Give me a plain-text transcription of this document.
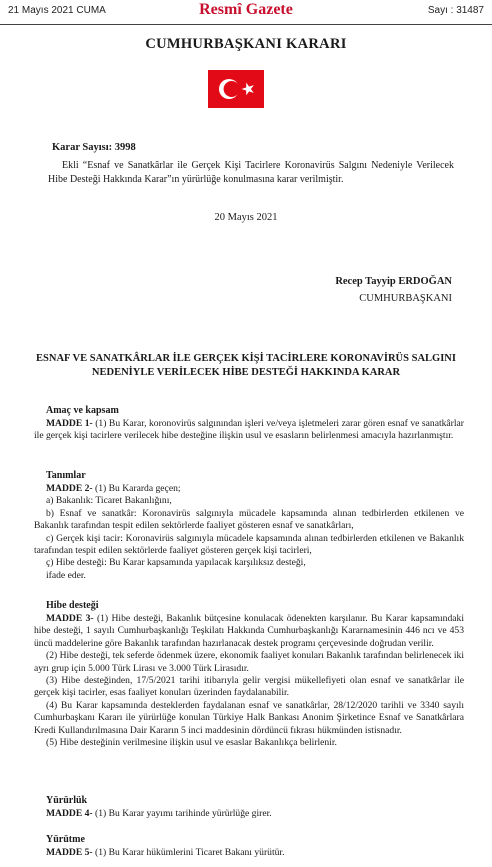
21 Mayıs 2021 CUMA	Resmî Gazete	Sayı : 31487
CUMHURBAŞKANI KARARI
Karar Sayısı: 3998
Ekli “Esnaf ve Sanatkârlar ile Gerçek Kişi Tacirlere Koronavirüs Salgını Nedeniyle Verilecek Hibe Desteği Hakkında Karar”ın yürürlüğe konulmasına karar verilmiştir.
20 Mayıs 2021
Recep Tayyip ERDOĞAN
CUMHURBAŞKANI
ESNAF VE SANATKÂRLAR İLE GERÇEK KİŞİ TACİRLERE KORONAVİRÜS SALGINI
NEDENİYLE VERİLECEK HİBE DESTEĞİ HAKKINDA KARAR
Amaç ve kapsam

MADDE 1- (1) Bu Karar, koronovirüs salgınından işleri ve/veya işletmeleri zarar gören esnaf ve sanatkârlar ile gerçek kişi tacirlere verilecek hibe desteğine ilişkin usul ve esasların belirlenmesi amacıyla hazırlanmıştır.

Tanımlar

MADDE 2- (1) Bu Kararda geçen;

a) Bakanlık: Ticaret Bakanlığını,

b) Esnaf ve sanatkâr: Koronavirüs salgınıyla mücadele kapsamında alınan tedbirlerden etkilenen ve Bakanlık tarafından tespit edilen sektörlerde faaliyet gösteren esnaf ve sanatkârları,

c) Gerçek kişi tacir: Koronavirüs salgınıyla mücadele kapsamında alınan tedbirlerden etkilenen ve Bakanlık tarafından tespit edilen sektörlerde faaliyet gösteren gerçek kişi tacirleri,

ç) Hibe desteği: Bu Karar kapsamında yapılacak karşılıksız desteği,

ifade eder.

Hibe desteği

MADDE 3- (1) Hibe desteği, Bakanlık bütçesine konulacak ödenekten karşılanır. Bu Karar kapsamındaki hibe desteği, 1 sayılı Cumhurbaşkanlığı Teşkilatı Hakkında Cumhurbaşkanlığı Kararnamesinin 446 ncı ve 453 üncü maddelerine göre Bakanlık tarafından hazırlanacak destek programı çerçevesinde doğrudan verilir.

(2) Hibe desteği, tek seferde ödenmek üzere, ekonomik faaliyet konuları Bakanlık tarafından belirlenecek iki ayrı grup için 5.000 Türk Lirası ve 3.000 Türk Lirasıdır.

(3) Hibe desteğinden, 17/5/2021 tarihi itibarıyla gelir vergisi mükellefiyeti olan esnaf ve sanatkârlar ile gerçek kişi tacirler, esas faaliyet konuları üzerinden faydalanabilir.

(4) Bu Karar kapsamında desteklerden faydalanan esnaf ve sanatkârlar, 28/12/2020 tarihli ve 3340 sayılı Cumhurbaşkanı Kararı ile yürürlüğe konulan Türkiye Halk Bankası Anonim Şirketince Esnaf ve Sanatkârlara Kredi Kullandırılmasına Dair Kararın 5 inci maddesinin dördüncü fıkrası hükmünden istisnadır.

(5) Hibe desteğinin verilmesine ilişkin usul ve esaslar Bakanlıkça belirlenir.

Yürürlük

MADDE 4- (1) Bu Karar yayımı tarihinde yürürlüğe girer.

Yürütme

MADDE 5- (1) Bu Karar hükümlerini Ticaret Bakanı yürütür.
